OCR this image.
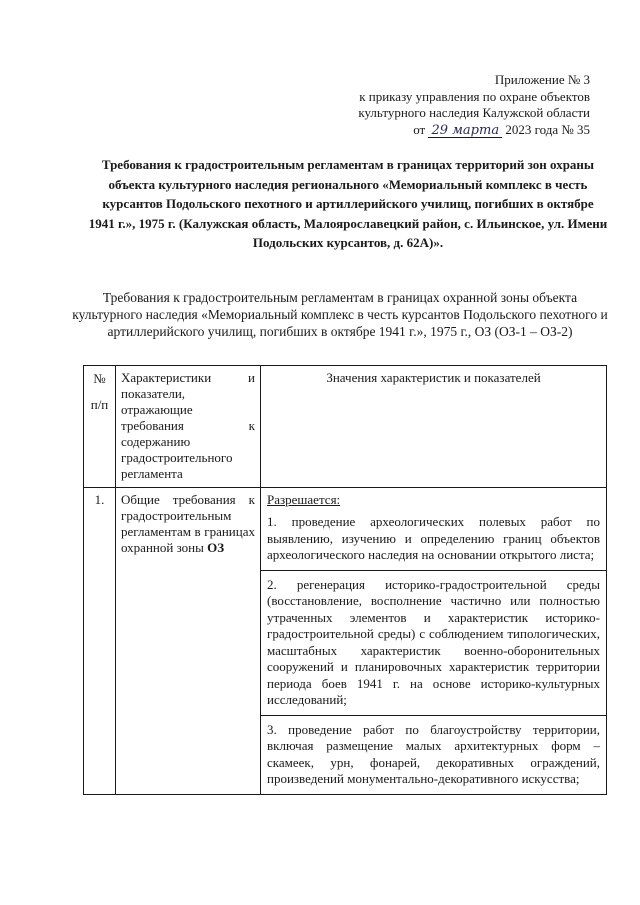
Приложение № 3
к приказу управления по охране объектов
культурного наследия Калужской области
от 29 марта 2023 года № 35
Требования к градостроительным регламентам в границах территорий зон охраны объекта культурного наследия регионального «Мемориальный комплекс в честь курсантов Подольского пехотного и артиллерийского училищ, погибших в октябре 1941 г.», 1975 г. (Калужская область, Малоярославецкий район, с. Ильинское, ул. Имени Подольских курсантов, д. 62А)».
Требования к градостроительным регламентам в границах охранной зоны объекта культурного наследия «Мемориальный комплекс в честь курсантов Подольского пехотного и артиллерийского училищ, погибших в октябре 1941 г.», 1975 г., ОЗ (ОЗ-1 – ОЗ-2)
№
п/п	Характеристики и показатели, отражающие требования к содержанию градостроительного регламента	Значения характеристик и показателей
1.	Общие требования к градостроительным регламентам в границах охранной зоны ОЗ	Разрешается:
1. проведение археологических полевых работ по выявлению, изучению и определению границ объектов археологического наследия на основании открытого листа;
2. регенерация историко-градостроительной среды (восстановление, восполнение частично или полностью утраченных элементов и характеристик историко-градостроительной среды) с соблюдением типологических, масштабных характеристик военно-оборонительных сооружений и планировочных характеристик территории периода боев 1941 г. на основе историко-культурных исследований;
3. проведение работ по благоустройству территории, включая размещение малых архитектурных форм – скамеек, урн, фонарей, декоративных ограждений, произведений монументально-декоративного искусства;
